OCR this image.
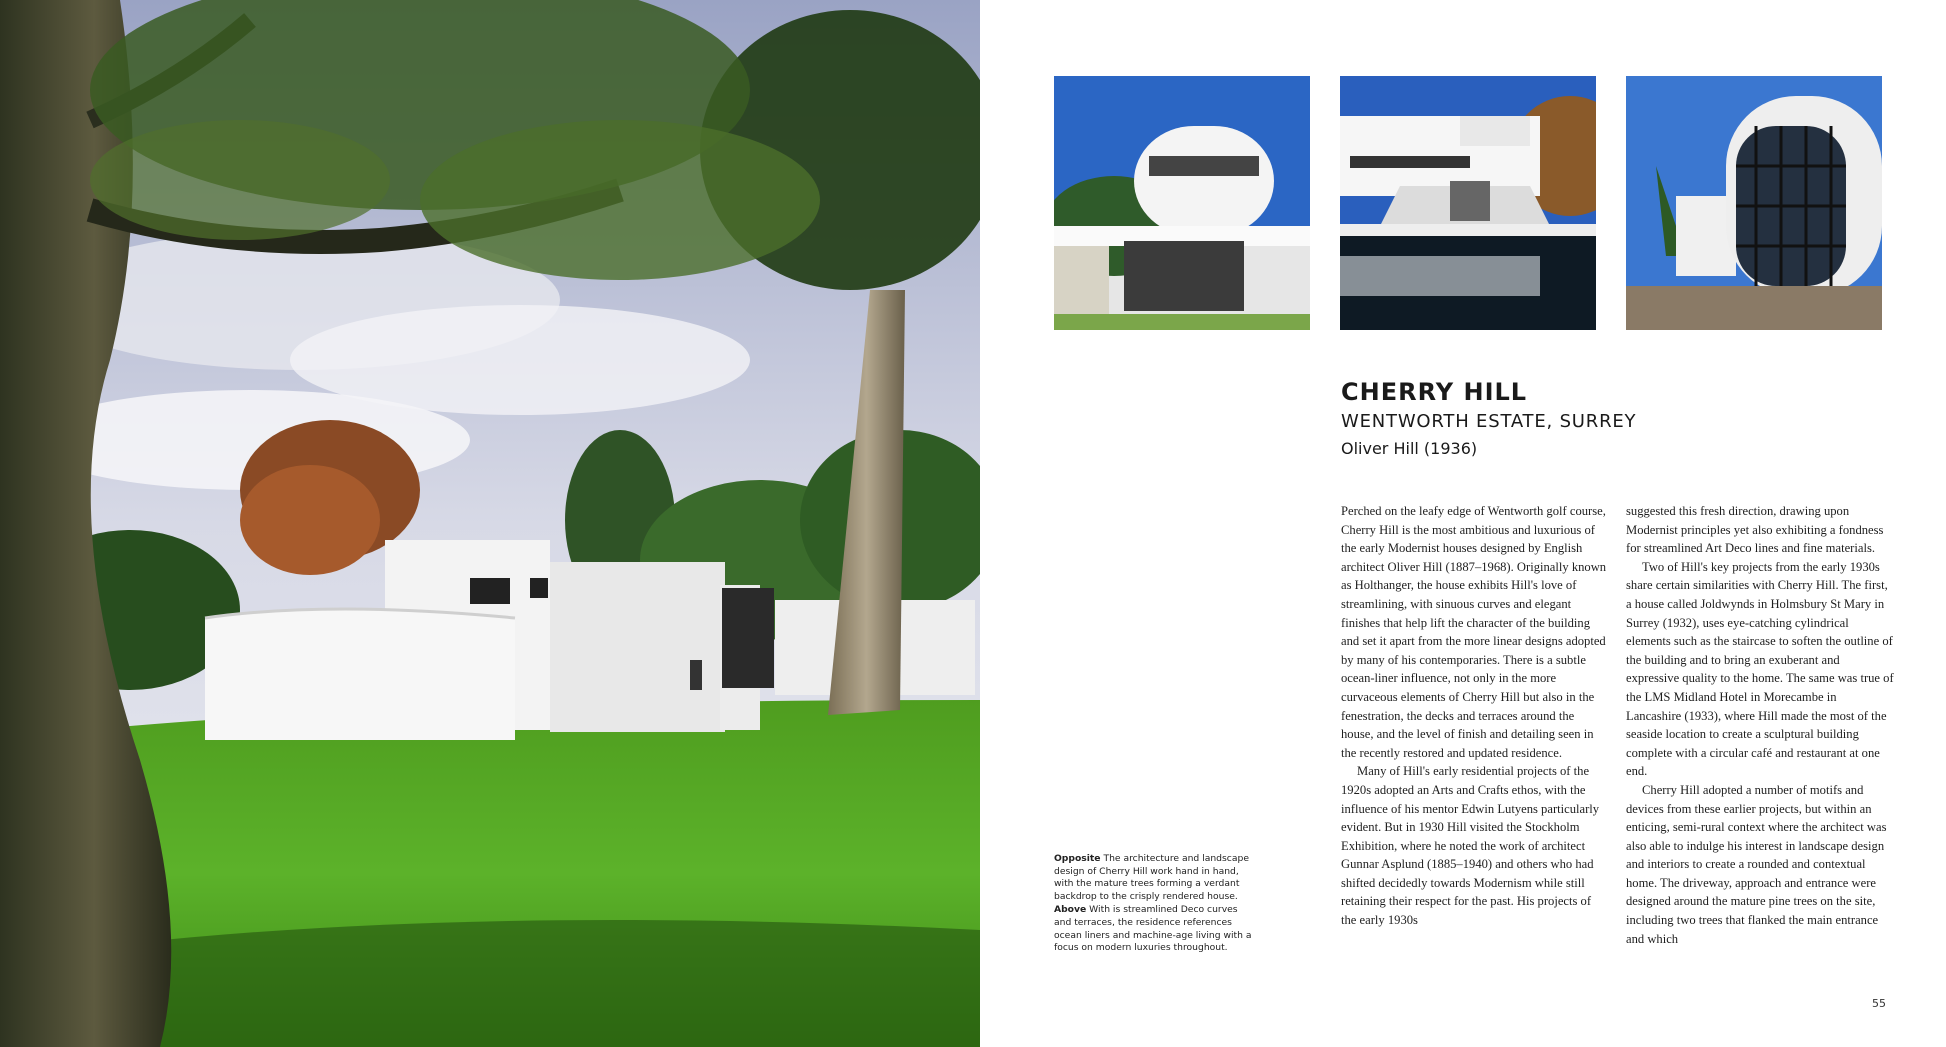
CHERRY HILL

WENTWORTH ESTATE, SURREY

Oliver Hill (1936)

Perched on the leafy edge of Wentworth golf course, Cherry Hill is the most ambitious and luxurious of the early Modernist houses designed by English architect Oliver Hill (1887–1968). Originally known as Holthanger, the house exhibits Hill's love of streamlining, with sinuous curves and elegant finishes that help lift the character of the building and set it apart from the more linear designs adopted by many of his contemporaries. There is a subtle ocean-liner influence, not only in the more curvaceous elements of Cherry Hill but also in the fenestration, the decks and terraces around the house, and the level of finish and detailing seen in the recently restored and updated residence.

Many of Hill's early residential projects of the 1920s adopted an Arts and Crafts ethos, with the influence of his mentor Edwin Lutyens particularly evident. But in 1930 Hill visited the Stockholm Exhibition, where he noted the work of architect Gunnar Asplund (1885–1940) and others who had shifted decidedly towards Modernism while still retaining their respect for the past. His projects of the early 1930s

suggested this fresh direction, drawing upon Modernist principles yet also exhibiting a fondness for streamlined Art Deco lines and fine materials.

Two of Hill's key projects from the early 1930s share certain similarities with Cherry Hill. The first, a house called Joldwynds in Holmsbury St Mary in Surrey (1932), uses eye-catching cylindrical elements such as the staircase to soften the outline of the building and to bring an exuberant and expressive quality to the home. The same was true of the LMS Midland Hotel in Morecambe in Lancashire (1933), where Hill made the most of the seaside location to create a sculptural building complete with a circular café and restaurant at one end.

Cherry Hill adopted a number of motifs and devices from these earlier projects, but within an enticing, semi-rural context where the architect was also able to indulge his interest in landscape design and interiors to create a rounded and contextual home. The driveway, approach and entrance were designed around the mature pine trees on the site, including two trees that flanked the main entrance and which

Opposite The architecture and landscape design of Cherry Hill work hand in hand, with the mature trees forming a verdant backdrop to the crisply rendered house.

Above With is streamlined Deco curves and terraces, the residence references ocean liners and machine-age living with a focus on modern luxuries throughout.

55
